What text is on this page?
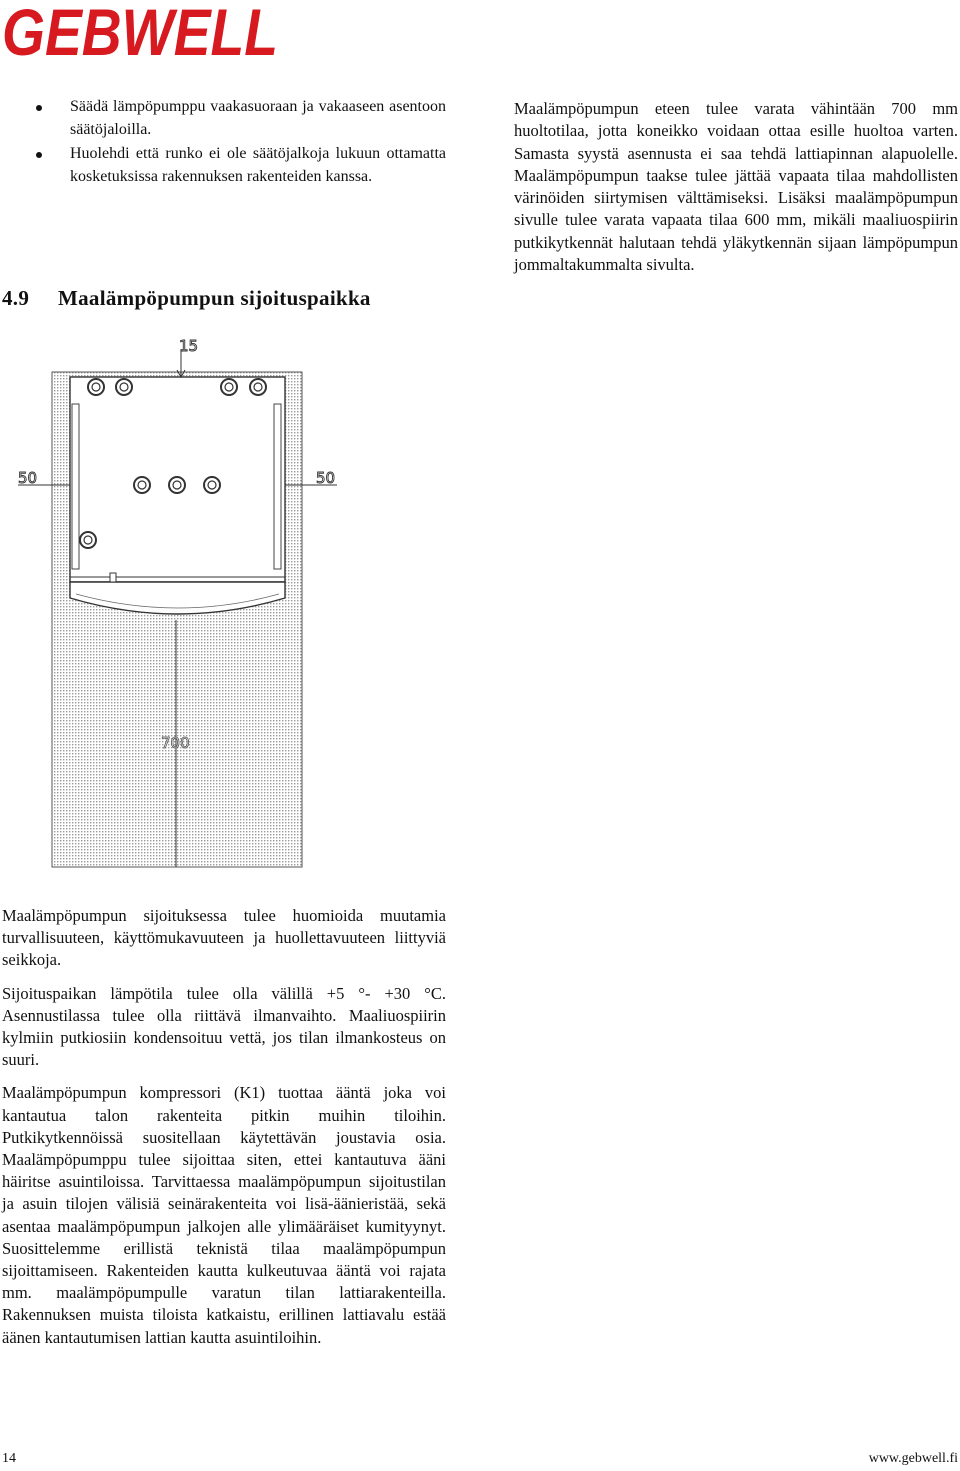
GEBWELL
Säädä lämpöpumppu vaakasuoraan ja vakaaseen asentoon säätöjaloilla.
Huolehdi että runko ei ole säätöjalkoja lukuun ottamatta kosketuksissa rakennuksen rakenteiden kanssa.
4.9 Maalämpöpumpun sijoituspaikka

Maalämpöpumpun eteen tulee varata vähintään 700 mm huoltotilaa, jotta koneikko voidaan ottaa esille huoltoa varten. Samasta syystä asennusta ei saa tehdä lattiapinnan alapuolelle. Maalämpöpumpun taakse tulee jättää vapaata tilaa mahdollisten värinöiden siirtymisen välttämiseksi. Lisäksi maalämpöpumpun sivulle tulee varata vapaata tilaa 600 mm, mikäli maaliuospiirin putkikytkennät halutaan tehdä yläkytkennän sijaan lämpöpumpun jommaltakummalta sivulta.

15
50	50
700

Maalämpöpumpun sijoituksessa tulee huomioida muutamia turvallisuuteen, käyttömukavuuteen ja huollettavuuteen liittyviä seikkoja.

Sijoituspaikan lämpötila tulee olla välillä +5 °- +30 °C. Asennustilassa tulee olla riittävä ilmanvaihto. Maaliuospiirin kylmiin putkiosiin kondensoituu vettä, jos tilan ilmankosteus on suuri.

Maalämpöpumpun kompressori (K1) tuottaa ääntä joka voi kantautua talon rakenteita pitkin muihin tiloihin. Putkikytkennöissä suositellaan käytettävän joustavia osia. Maalämpöpumppu tulee sijoittaa siten, ettei kantautuva ääni häiritse asuintiloissa. Tarvittaessa maalämpöpumpun sijoitustilan ja asuin tilojen välisiä seinärakenteita voi lisä-äänieristää, sekä asentaa maalämpöpumpun jalkojen alle ylimääräiset kumityynyt. Suosittelemme erillistä teknistä tilaa maalämpöpumpun sijoittamiseen. Rakenteiden kautta kulkeutuvaa ääntä voi rajata mm. maalämpöpumpulle varatun tilan lattiarakenteilla. Rakennuksen muista tiloista katkaistu, erillinen lattiavalu estää äänen kantautumisen lattian kautta asuintiloihin.

14	www.gebwell.fi
